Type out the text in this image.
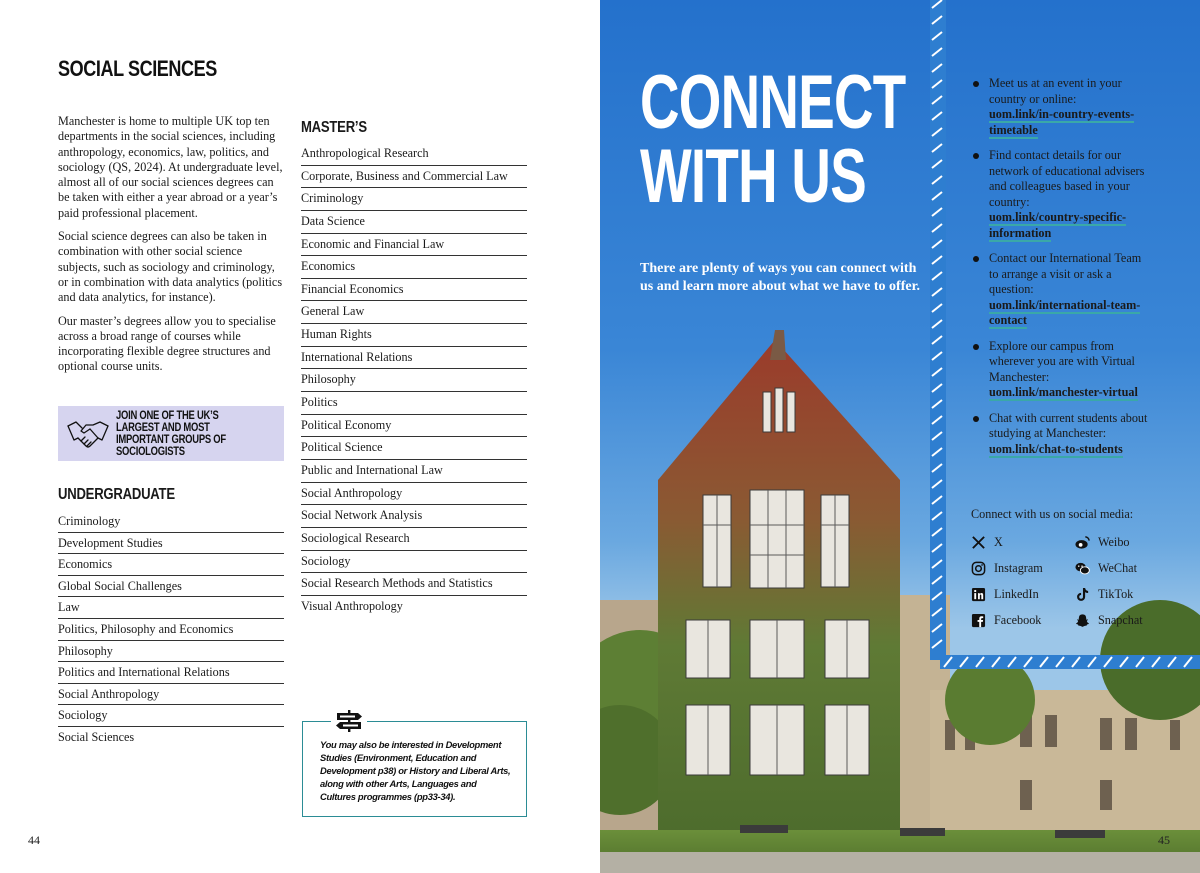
SOCIAL SCIENCES

Manchester is home to multiple UK top ten departments in the social sciences, including anthropology, economics, law, politics, and sociology (QS, 2024). At undergraduate level, almost all of our social sciences degrees can be taken with either a year abroad or a year’s paid professional placement.

Social science degrees can also be taken in combination with other social science subjects, such as sociology and criminology, or in combination with data analytics (politics and data analytics, for instance).

Our master’s degrees allow you to specialise across a broad range of courses while incorporating flexible degree structures and optional course units.

JOIN ONE OF THE UK’S LARGEST AND MOST IMPORTANT GROUPS OF SOCIOLOGISTS
UNDERGRADUATE
Criminology
Development Studies
Economics
Global Social Challenges
Law
Politics, Philosophy and Economics
Philosophy
Politics and International Relations
Social Anthropology
Sociology
Social Sciences
MASTER’S
Anthropological Research
Corporate, Business and Commercial Law
Criminology
Data Science
Economic and Financial Law
Economics
Financial Economics
General Law
Human Rights
International Relations
Philosophy
Politics
Political Economy
Political Science
Public and International Law
Social Anthropology
Social Network Analysis
Sociological Research
Sociology
Social Research Methods and Statistics
Visual Anthropology

You may also be interested in Development Studies (Environment, Education and Development p38) or History and Liberal Arts, along with other Arts, Languages and Cultures programmes (pp33-34).

44
CONNECT
WITH US
There are plenty of ways you can connect with us and learn more about what we have to offer.
Meet us at an event in your country or online:
uom.link/in-country-events-timetable
Find contact details for our network of educational advisers and colleagues based in your country:
uom.link/country-specific-information
Contact our International Team to arrange a visit or ask a question:
uom.link/international-team-contact
Explore our campus from wherever you are with Virtual Manchester:
uom.link/manchester-virtual
Chat with current students about studying at Manchester:
uom.link/chat-to-students
Connect with us on social media:
X	Weibo
Instagram	WeChat
LinkedIn	TikTok
Facebook	Snapchat
45
